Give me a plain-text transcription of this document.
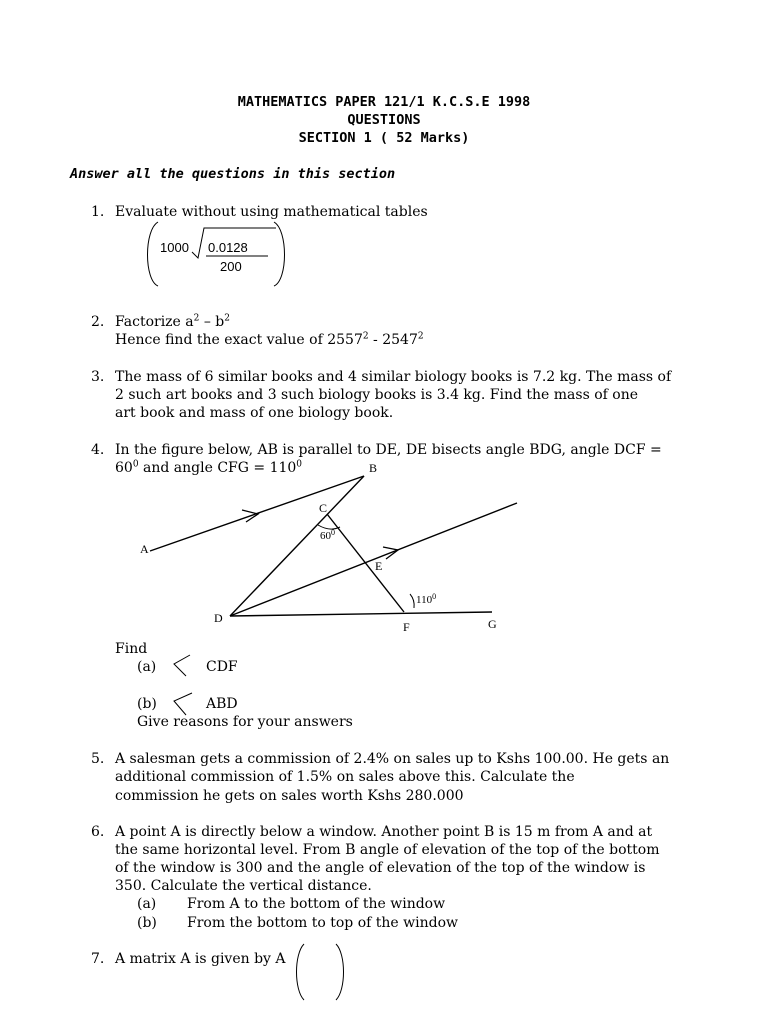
MATHEMATICS PAPER 121/1 K.C.S.E 1998
QUESTIONS
SECTION 1 ( 52 Marks)
Answer all the questions in this section
1. Evaluate without using mathematical tables
1000 0.0128
200
2. Factorize $a^2 - b^2$
Hence find the exact value of 2557$^2$ - 2547$^2$
3. The mass of 6 similar books and 4 similar biology books is 7.2 kg. The mass of
2 such art books and 3 such biology books is 3.4 kg. Find the mass of one
art book and mass of one biology book.
4. In the figure below, AB is parallel to DE, DE bisects angle BDG, angle DCF =
$60^0$ and angle CFG = $110^0$
A
B
C
D
E
F	G
$60^0$
$110^0$
Find
(a)	CDF
(b)	ABD
Give reasons for your answers
5. A salesman gets a commission of 2.4% on sales up to Kshs 100.00. He gets an
additional commission of 1.5% on sales above this. Calculate the
commission he gets on sales worth Kshs 280.000
6. A point A is directly below a window. Another point B is 15 m from A and at
the same horizontal level. From B angle of elevation of the top of the bottom
of the window is 300 and the angle of elevation of the top of the window is
350. Calculate the vertical distance.
(a) From A to the bottom of the window
(b) From the bottom to top of the window
7. A matrix A is given by A
